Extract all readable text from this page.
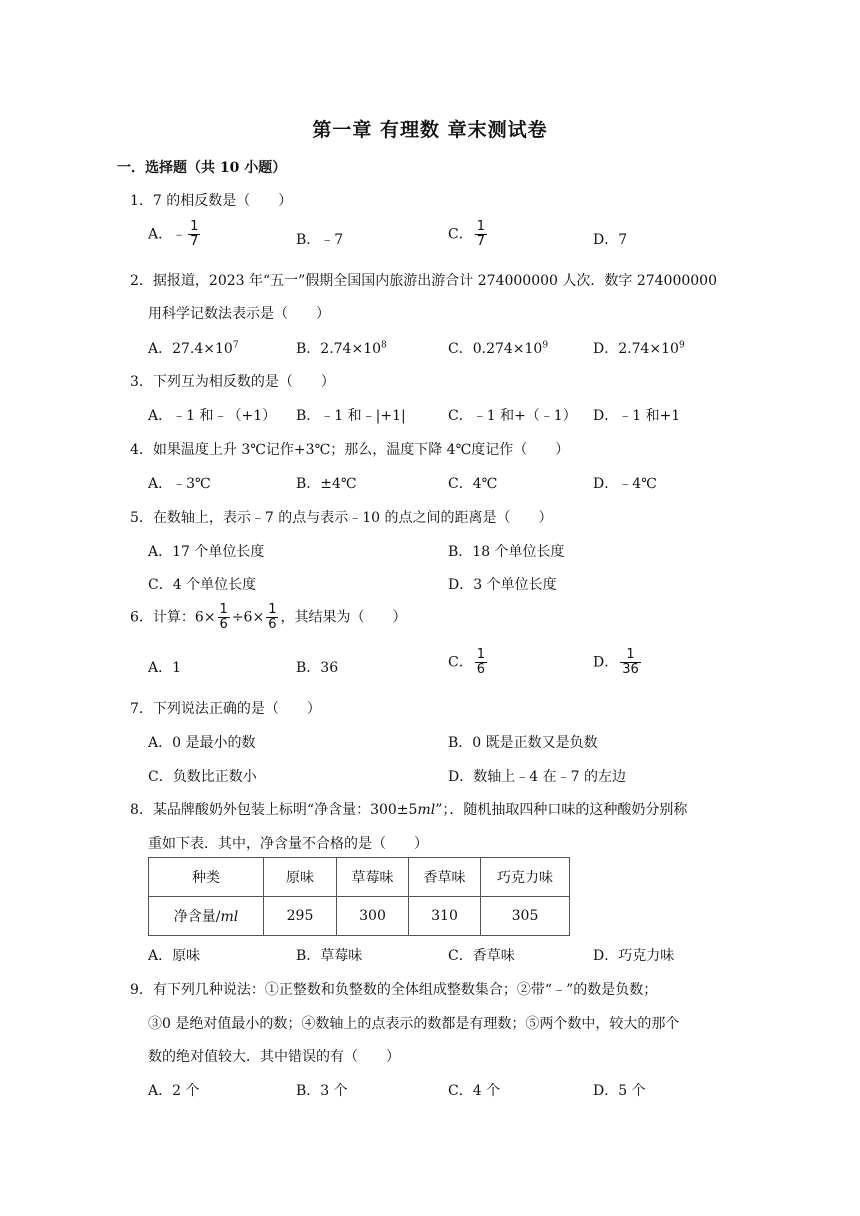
第一章 有理数 章末测试卷
一．选择题（共 10 小题）
1．7 的相反数是（　　）
A．﹣ $\frac{1}{7}$	B．﹣7	C． $\frac{1}{7}$	D．7
2．据报道，2023 年“五一”假期全国国内旅游出游合计 274000000 人次．数字 274000000
用科学记数法表示是（　　）
A．$27.4\times 10^7$	B．$2.74\times 10^8$	C．$0.274\times 10^9$	D．$2.74\times 10^9$
3．下列互为相反数的是（　　）
A．﹣1 和﹣（+1） B．﹣1 和﹣|+1|	C．﹣1 和+（﹣1） D．﹣1 和+1
4．如果温度上升 3℃记作+3℃；那么，温度下降 4℃度记作（　　）
A．﹣3℃	B．±4℃	C．4℃	D．﹣4℃
5．在数轴上，表示﹣7 的点与表示﹣10 的点之间的距离是（　　）
A．17 个单位长度	B．18 个单位长度
C．4 个单位长度	D．3 个单位长度
6．计算：$6\times \frac{1}{6} \div 6\times \frac{1}{6}$ ，其结果为（　　）
A．1	B．36	C． $\frac{1}{6}$	D． $\frac{1}{36}$
7．下列说法正确的是（　　）
A．0 是最小的数	B．0 既是正数又是负数
C．负数比正数小	D．数轴上﹣4 在﹣7 的左边
8．某品牌酸奶外包装上标明“净含量：300±5ml”；．随机抽取四种口味的这种酸奶分别称
重如下表．其中，净含量不合格的是（　　）
种类	原味	草莓味	香草味	巧克力味
净含量/ml	295	300	310	305
A．原味	B．草莓味	C．香草味	D．巧克力味
9．有下列几种说法：①正整数和负整数的全体组成整数集合；②带“﹣”的数是负数；
③0 是绝对值最小的数；④数轴上的点表示的数都是有理数；⑤两个数中，较大的那个
数的绝对值较大．其中错误的有（　　）
A．2 个	B．3 个	C．4 个	D．5 个
